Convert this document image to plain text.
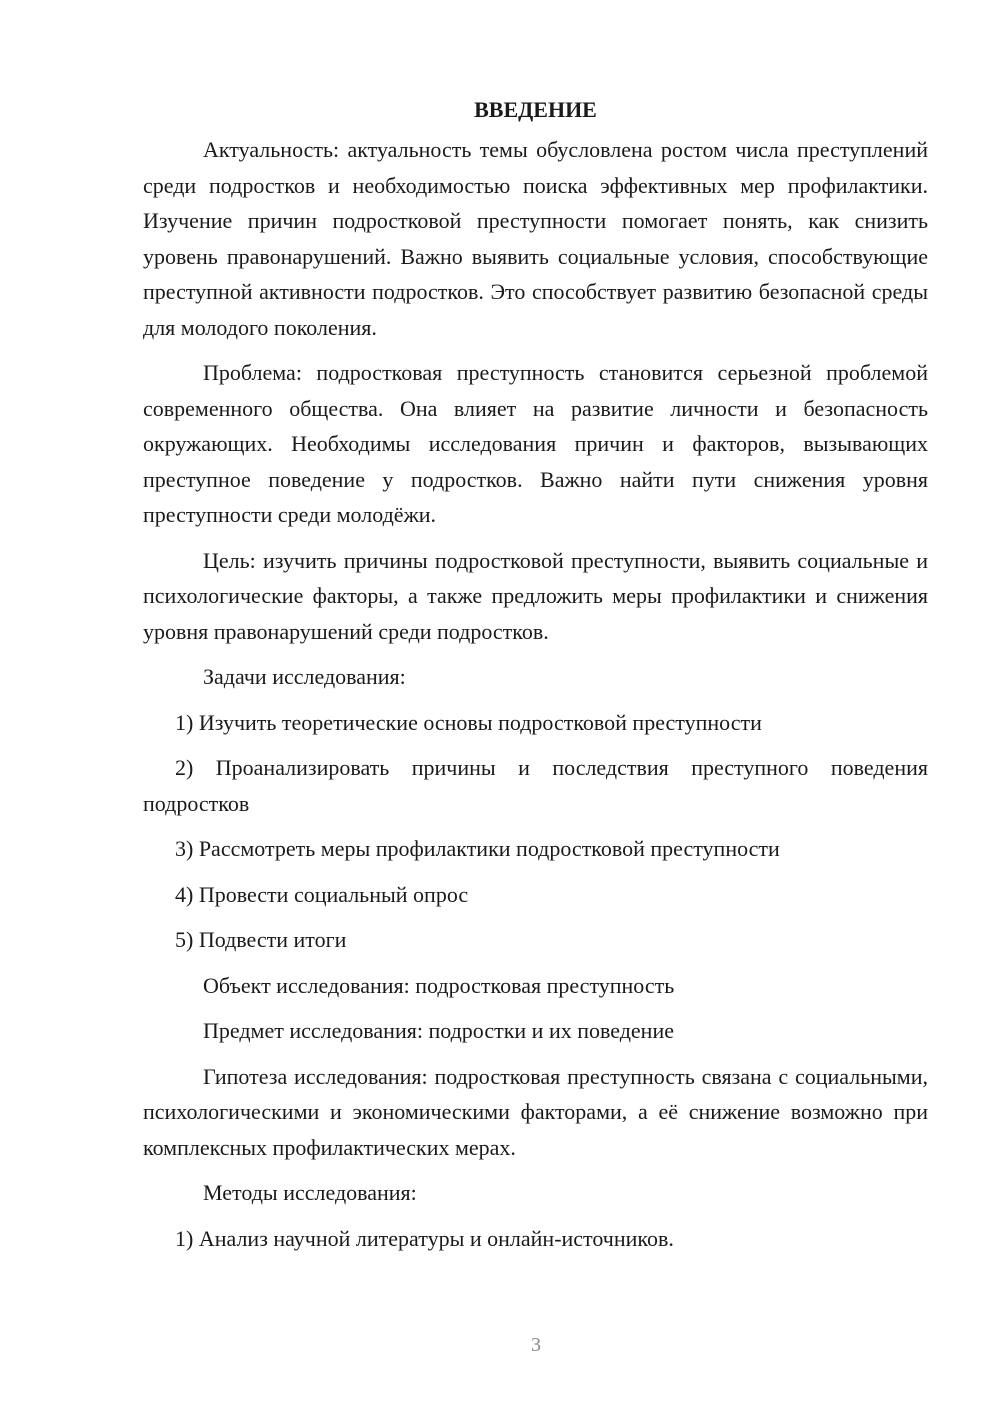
ВВЕДЕНИЕ

Актуальность: актуальность темы обусловлена ростом числа преступлений среди подростков и необходимостью поиска эффективных мер профилактики. Изучение причин подростковой преступности помогает понять, как снизить уровень правонарушений. Важно выявить социальные условия, способствующие преступной активности подростков. Это способствует развитию безопасной среды для молодого поколения.

Проблема: подростковая преступность становится серьезной проблемой современного общества. Она влияет на развитие личности и безопасность окружающих. Необходимы исследования причин и факторов, вызывающих преступное поведение у подростков. Важно найти пути снижения уровня преступности среди молодёжи.

Цель: изучить причины подростковой преступности, выявить социальные и психологические факторы, а также предложить меры профилактики и снижения уровня правонарушений среди подростков.

Задачи исследования:

1) Изучить теоретические основы подростковой преступности

2) Проанализировать причины и последствия преступного поведения подростков

3) Рассмотреть меры профилактики подростковой преступности

4) Провести социальный опрос

5) Подвести итоги

Объект исследования: подростковая преступность

Предмет исследования: подростки и их поведение

Гипотеза исследования: подростковая преступность связана с социальными, психологическими и экономическими факторами, а её снижение возможно при комплексных профилактических мерах.

Методы исследования:

1) Анализ научной литературы и онлайн-источников.

3
